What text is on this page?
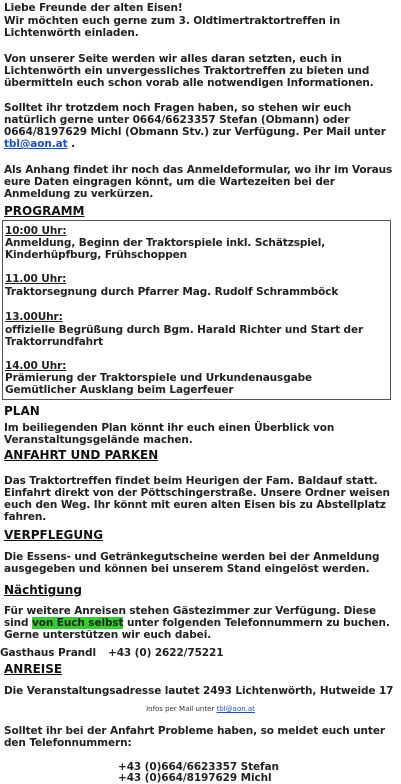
Liebe Freunde der alten Eisen!
Wir möchten euch gerne zum 3. Oldtimertraktortreffen in
Lichtenwörth einladen.
Von unserer Seite werden wir alles daran setzten, euch in
Lichtenwörth ein unvergessliches Traktortreffen zu bieten und
übermitteln euch schon vorab alle notwendigen Informationen.
Solltet ihr trotzdem noch Fragen haben, so stehen wir euch
natürlich gerne unter 0664/6623357 Stefan (Obmann) oder
0664/8197629 Michl (Obmann Stv.) zur Verfügung. Per Mail unter
tbl@aon.at .
Als Anhang findet ihr noch das Anmeldeformular, wo ihr im Voraus
eure Daten eingragen könnt, um die Wartezeiten bei der
Anmeldung zu verkürzen.
PROGRAMM
10:00 Uhr:
Anmeldung, Beginn der Traktorspiele inkl. Schätzspiel,
Kinderhüpfburg, Frühschoppen
11.00 Uhr:
Traktorsegnung durch Pfarrer Mag. Rudolf Schrammböck
13.00Uhr:
offizielle Begrüßung durch Bgm. Harald Richter und Start der
Traktorrundfahrt
14.00 Uhr:
Prämierung der Traktorspiele und Urkundenausgabe
Gemütlicher Ausklang beim Lagerfeuer
PLAN
Im beiliegenden Plan könnt ihr euch einen Überblick von
Veranstaltungsgelände machen.
ANFAHRT UND PARKEN
Das Traktortreffen findet beim Heurigen der Fam. Baldauf statt.
Einfahrt direkt von der Pöttschingerstraße. Unsere Ordner weisen
euch den Weg. Ihr könnt mit euren alten Eisen bis zu Abstellplatz
fahren.
VERPFLEGUNG
Die Essens- und Getränkegutscheine werden bei der Anmeldung
ausgegeben und können bei unserem Stand eingelöst werden.
Nächtigung
Für weitere Anreisen stehen Gästezimmer zur Verfügung. Diese
sind von Euch selbst unter folgenden Telefonnummern zu buchen.
Gerne unterstützen wir euch dabei.
Gasthaus Prandl +43 (0) 2622/75221
ANREISE
Die Veranstaltungsadresse lautet 2493 Lichtenwörth, Hutweide 17
Infos per Mail unter tbl@aon.at
Solltet ihr bei der Anfahrt Probleme haben, so meldet euch unter
den Telefonnummern:
+43 (0)664/6623357 Stefan
+43 (0)664/8197629 Michl
